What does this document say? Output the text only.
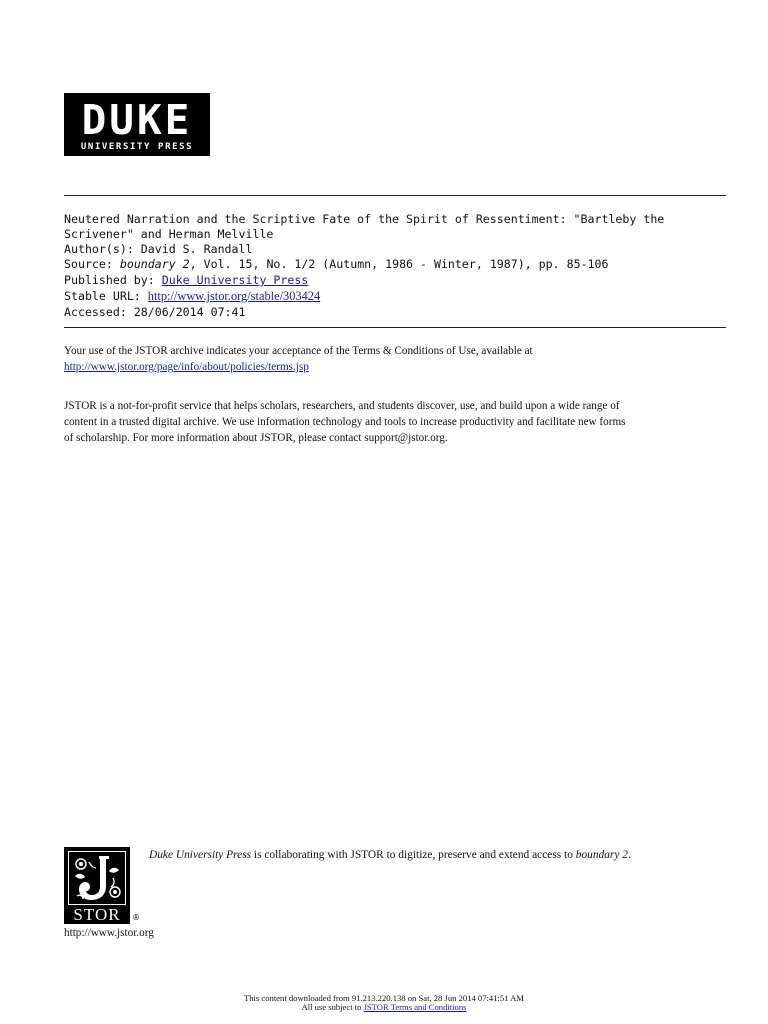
DUKE
UNIVERSITY PRESS
Neutered Narration and the Scriptive Fate of the Spirit of Ressentiment: "Bartleby the
Scrivener" and Herman Melville
Author(s): David S. Randall
Source: boundary 2, Vol. 15, No. 1/2 (Autumn, 1986 - Winter, 1987), pp. 85-106
Published by: Duke University Press
Stable URL: http://www.jstor.org/stable/303424
Accessed: 28/06/2014 07:41
Your use of the JSTOR archive indicates your acceptance of the Terms & Conditions of Use, available at
http://www.jstor.org/page/info/about/policies/terms.jsp
JSTOR is a not-for-profit service that helps scholars, researchers, and students discover, use, and build upon a wide range of
content in a trusted digital archive. We use information technology and tools to increase productivity and facilitate new forms
of scholarship. For more information about JSTOR, please contact support@jstor.org.
STOR	®
http://www.jstor.org
Duke University Press is collaborating with JSTOR to digitize, preserve and extend access to boundary 2.
This content downloaded from 91.213.220.138 on Sat, 28 Jun 2014 07:41:51 AM
All use subject to JSTOR Terms and Conditions
